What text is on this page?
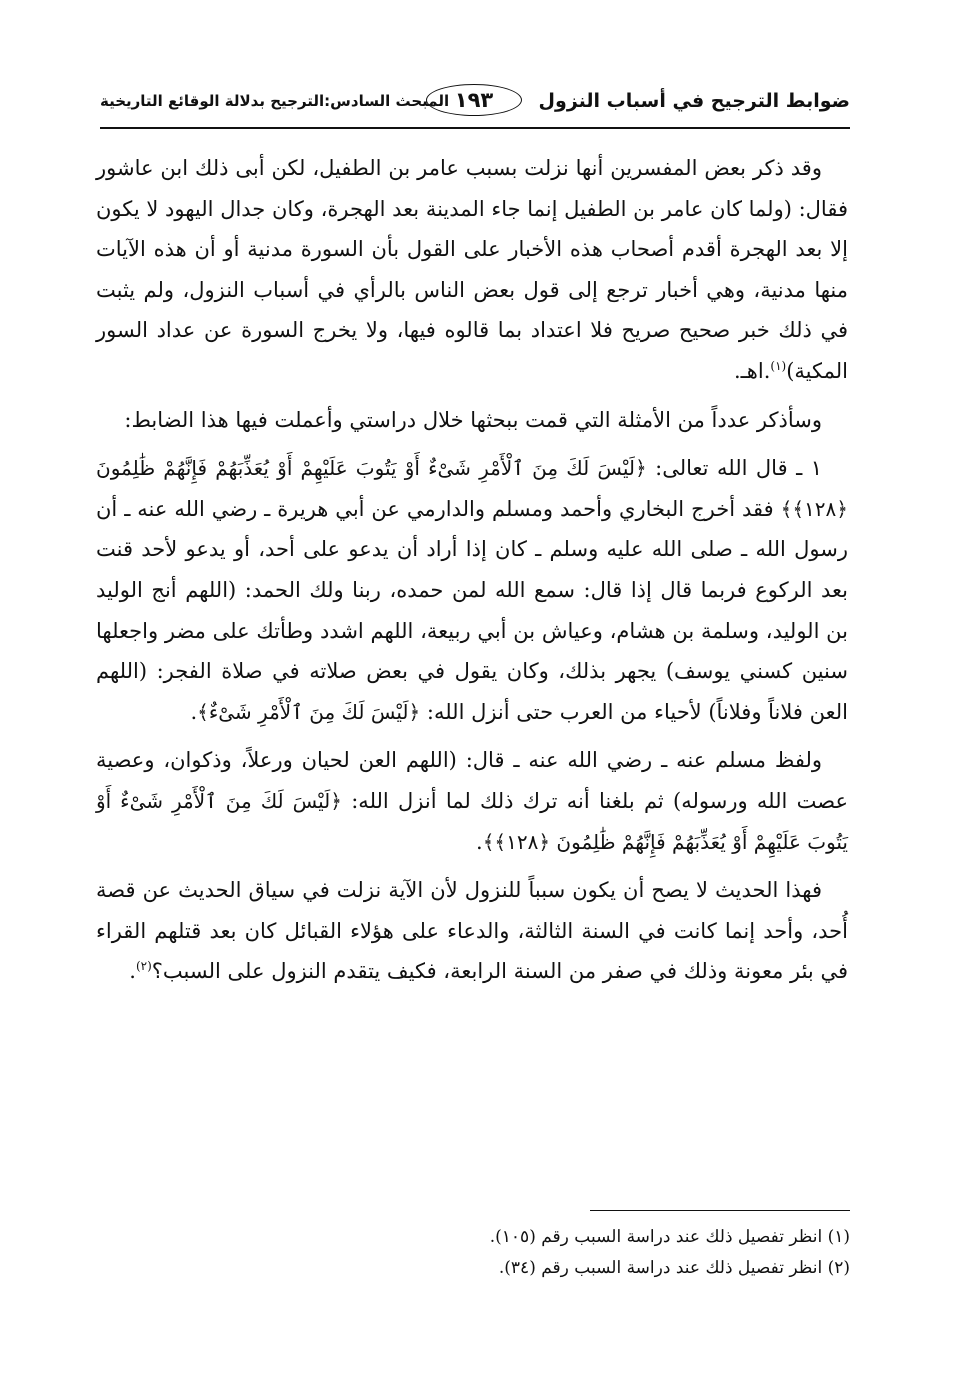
ضوابط الترجيح في أسباب النزول
١٩٣
المبحث السادس:الترجيح بدلالة الوقائع التاريخية

وقد ذكر بعض المفسرين أنها نزلت بسبب عامر بن الطفيل، لكن أبى ذلك ابن عاشور فقال: (ولما كان عامر بن الطفيل إنما جاء المدينة بعد الهجرة، وكان جدال اليهود لا يكون إلا بعد الهجرة أقدم أصحاب هذه الأخبار على القول بأن السورة مدنية أو أن هذه الآيات منها مدنية، وهي أخبار ترجع إلى قول بعض الناس بالرأي في أسباب النزول، ولم يثبت في ذلك خبر صحيح صريح فلا اعتداد بما قالوه فيها، ولا يخرج السورة عن عداد السور المكية)$^{(١)}$.اهـ.

وسأذكر عدداً من الأمثلة التي قمت ببحثها خلال دراستي وأعملت فيها هذا الضابط:

١ ـ قال الله تعالى: ﴿لَيْسَ لَكَ مِنَ ٱلْأَمْرِ شَىْءٌ أَوْ يَتُوبَ عَلَيْهِمْ أَوْ يُعَذِّبَهُمْ فَإِنَّهُمْ ظَٰلِمُونَ ﴿١٢٨﴾﴾ فقد أخرج البخاري وأحمد ومسلم والدارمي عن أبي هريرة ـ رضي الله عنه ـ أن رسول الله ـ صلى الله عليه وسلم ـ كان إذا أراد أن يدعو على أحد، أو يدعو لأحد قنت بعد الركوع فربما قال إذا قال: سمع الله لمن حمده، ربنا ولك الحمد: (اللهم أنج الوليد بن الوليد، وسلمة بن هشام، وعياش بن أبي ربيعة، اللهم اشدد وطأتك على مضر واجعلها سنين كسني يوسف) يجهر بذلك، وكان يقول في بعض صلاته في صلاة الفجر: (اللهم العن فلاناً وفلاناً) لأحياء من العرب حتى أنزل الله: ﴿لَيْسَ لَكَ مِنَ ٱلْأَمْرِ شَىْءٌ﴾.

ولفظ مسلم عنه ـ رضي الله عنه ـ قال: (اللهم العن لحيان ورعلاً، وذكوان، وعصية عصت الله ورسوله) ثم بلغنا أنه ترك ذلك لما أنزل الله: ﴿لَيْسَ لَكَ مِنَ ٱلْأَمْرِ شَىْءٌ أَوْ يَتُوبَ عَلَيْهِمْ أَوْ يُعَذِّبَهُمْ فَإِنَّهُمْ ظَٰلِمُونَ ﴿١٢٨﴾﴾.

فهذا الحديث لا يصح أن يكون سبباً للنزول لأن الآية نزلت في سياق الحديث عن قصة أُحد، وأحد إنما كانت في السنة الثالثة، والدعاء على هؤلاء القبائل كان بعد قتلهم القراء في بئر معونة وذلك في صفر من السنة الرابعة، فكيف يتقدم النزول على السبب؟$^{(٢)}$.

(١) انظر تفصيل ذلك عند دراسة السبب رقم (١٠٥).
(٢) انظر تفصيل ذلك عند دراسة السبب رقم (٣٤).
